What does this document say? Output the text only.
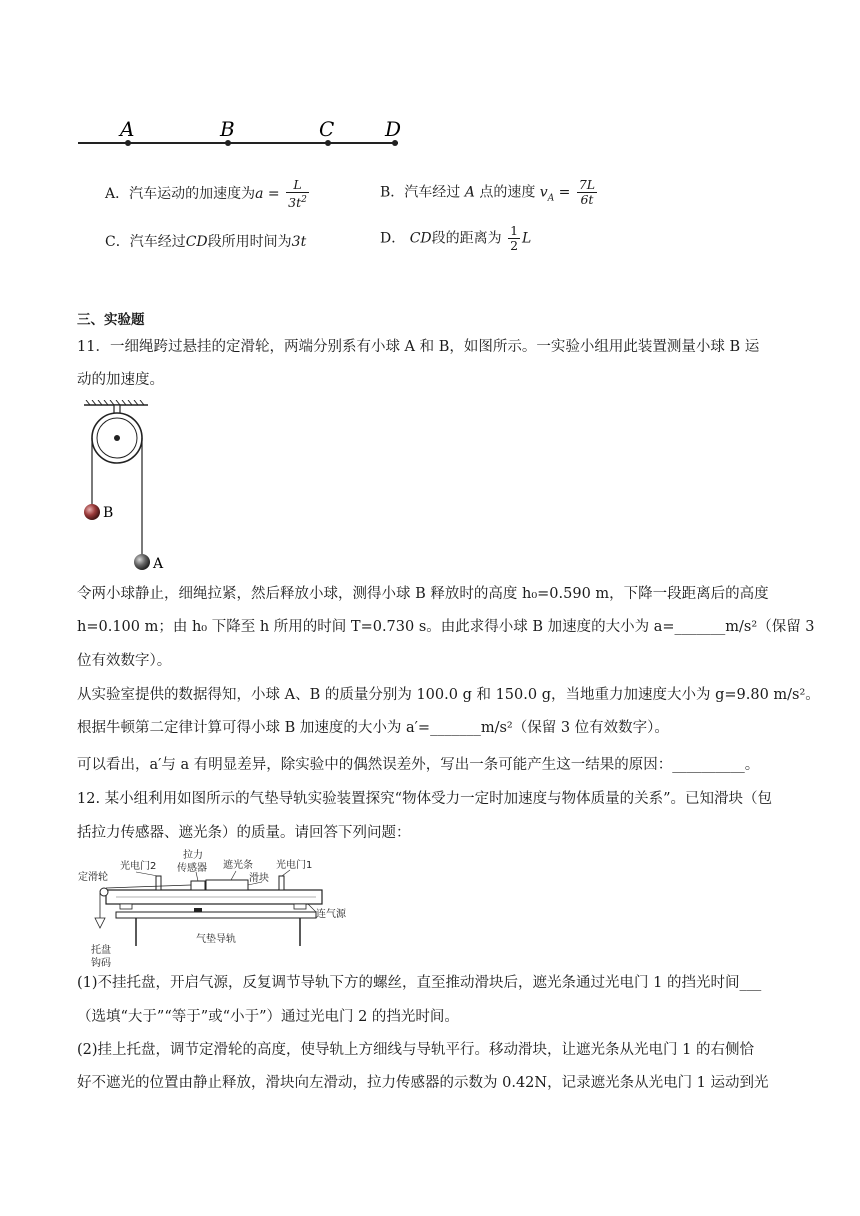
A	B	C	D
A．汽车运动的加速度为$a = \frac{L}{3t^2}$	B．汽车经过 A 点的速度 $v_A = \frac{7L}{6t}$
C．汽车经过CD段所用时间为3t	D． CD段的距离为 $\frac{1}{2}$ L
三、实验题
11．一细绳跨过悬挂的定滑轮，两端分别系有小球 A 和 B，如图所示。一实验小组用此装置测量小球 B 运
动的加速度。
B
A
令两小球静止，细绳拉紧，然后释放小球，测得小球 B 释放时的高度 h₀=0.590 m，下降一段距离后的高度
h=0.100 m；由 h₀ 下降至 h 所用的时间 T=0.730 s。由此求得小球 B 加速度的大小为 a=_______m/s²（保留 3
位有效数字）。
从实验室提供的数据得知，小球 A、B 的质量分别为 100.0 g 和 150.0 g，当地重力加速度大小为 g=9.80 m/s²。
根据牛顿第二定律计算可得小球 B 加速度的大小为 a′=_______m/s²（保留 3 位有效数字）。
可以看出，a′与 a 有明显差异，除实验中的偶然误差外，写出一条可能产生这一结果的原因：__________。
12. 某小组利用如图所示的气垫导轨实验装置探究“物体受力一定时加速度与物体质量的关系”。已知滑块（包
括拉力传感器、遮光条）的质量。请回答下列问题：
定滑轮
光电门2
拉力
传感器 遮光条
滑块
光电门1
连气源
托盘
钩码
气垫导轨
(1)不挂托盘，开启气源，反复调节导轨下方的螺丝，直至推动滑块后，遮光条通过光电门 1 的挡光时间___
（选填“大于”“等于”或“小于”）通过光电门 2 的挡光时间。
(2)挂上托盘，调节定滑轮的高度，使导轨上方细线与导轨平行。移动滑块，让遮光条从光电门 1 的右侧恰
好不遮光的位置由静止释放，滑块向左滑动，拉力传感器的示数为 0.42N，记录遮光条从光电门 1 运动到光
